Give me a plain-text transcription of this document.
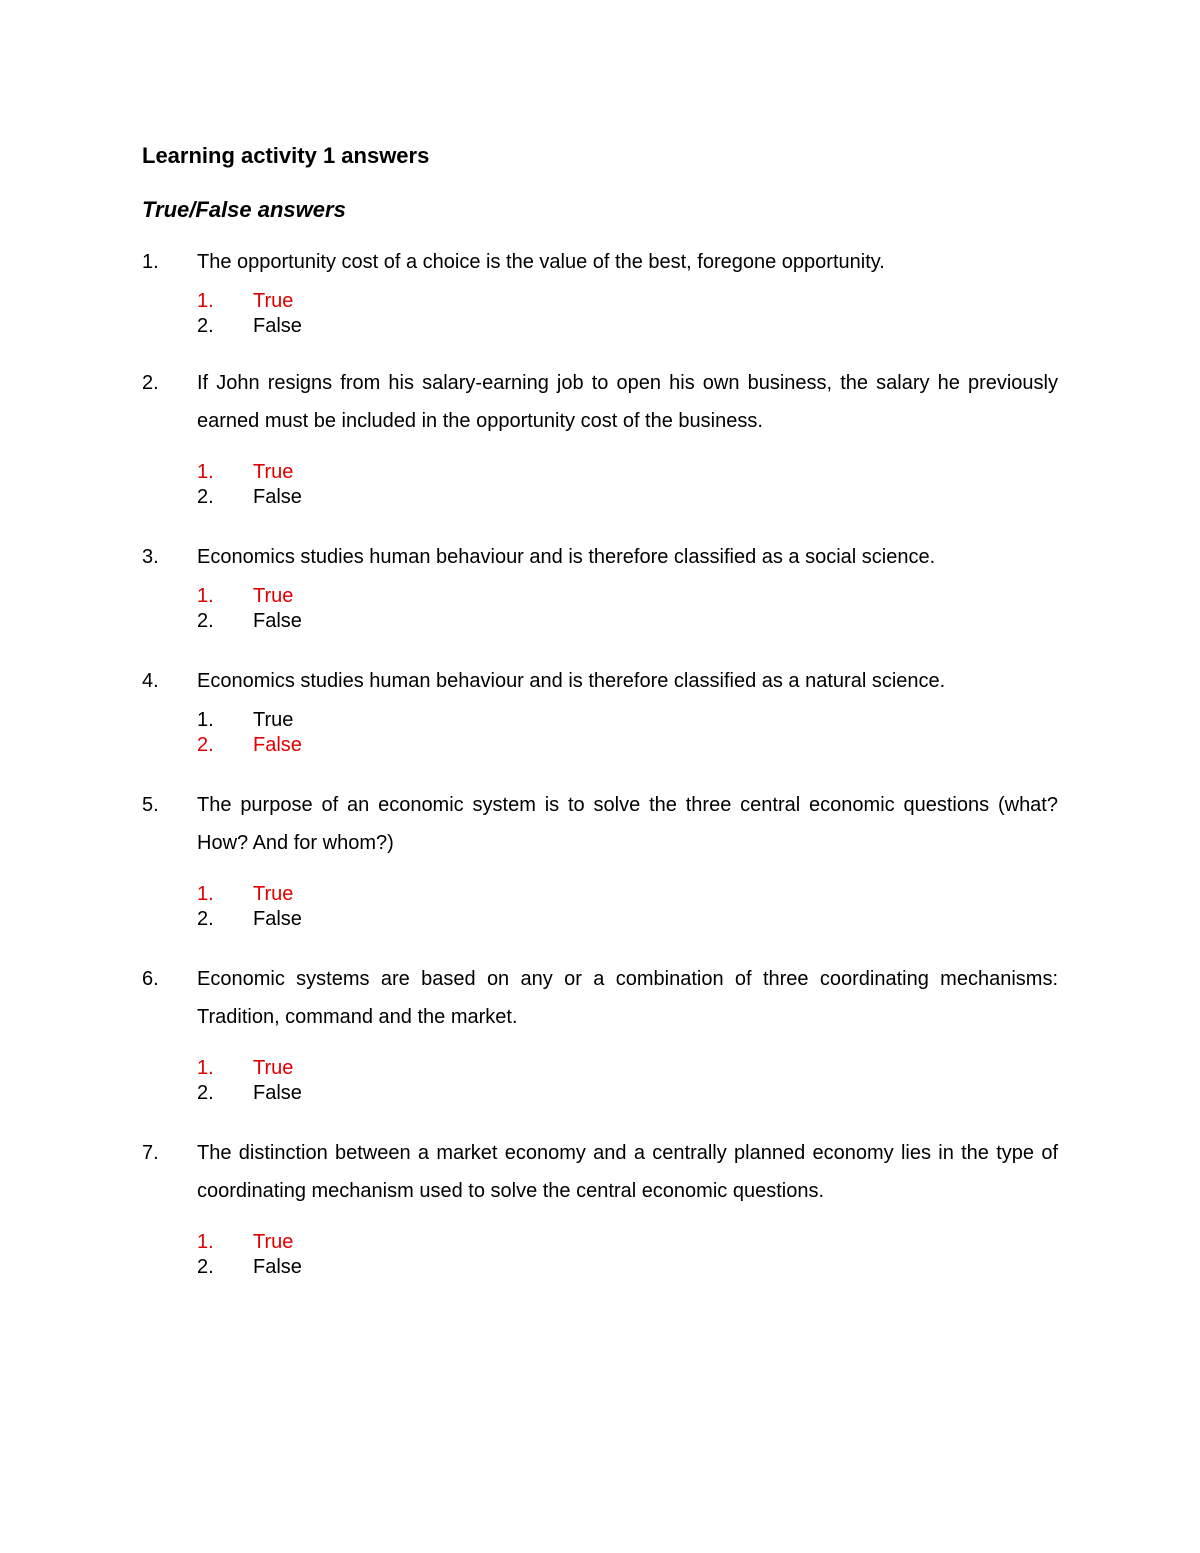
Learning activity 1 answers
True/False answers
1. The opportunity cost of a choice is the value of the best, foregone opportunity.
1. True
2. False
2. If John resigns from his salary-earning job to open his own business, the salary he previously earned must be included in the opportunity cost of the business.
1. True
2. False
3. Economics studies human behaviour and is therefore classified as a social science.
1. True
2. False
4. Economics studies human behaviour and is therefore classified as a natural science.
1. True
2. False
5. The purpose of an economic system is to solve the three central economic questions (what? How? And for whom?)
1. True
2. False
6. Economic systems are based on any or a combination of three coordinating mechanisms: Tradition, command and the market.
1. True
2. False
7. The distinction between a market economy and a centrally planned economy lies in the type of coordinating mechanism used to solve the central economic questions.
1. True
2. False
